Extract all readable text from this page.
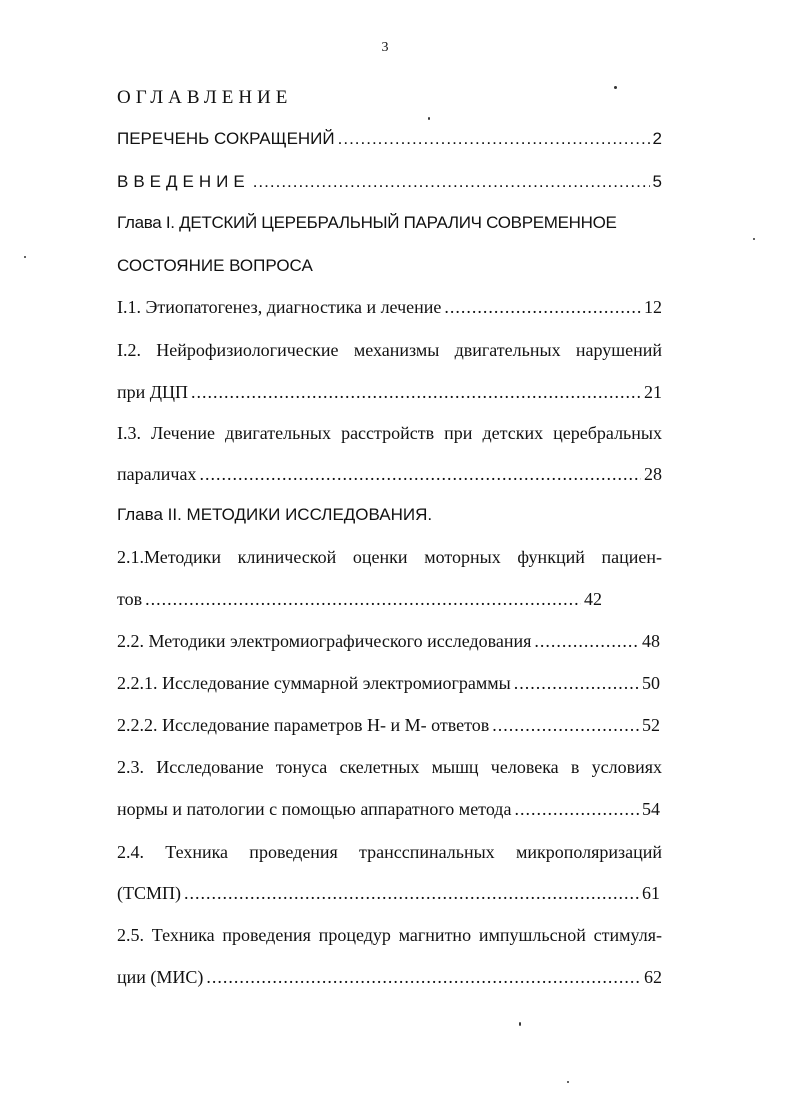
3
ОГЛАВЛЕНИЕ
ПЕРЕЧЕНЬ СОКРАЩЕНИЙ .....	2
ВВЕДЕНИЕ .....	5
Глава I. ДЕТСКИЙ ЦЕРЕБРАЛЬНЫЙ ПАРАЛИЧ СОВРЕМЕННОЕ
СОСТОЯНИЕ ВОПРОСА
I.1. Этиопатогенез, диагностика и лечение .....	12
I.2. Нейрофизиологические механизмы двигательных нарушений
при ДЦП .....	21
I.3. Лечение двигательных расстройств при детских церебральных
параличах .....	28
Глава II. МЕТОДИКИ ИССЛЕДОВАНИЯ.
2.1.Методики клинической оценки моторных функций пациен-
тов .....	42
2.2. Методики электромиографического исследования .....	48
2.2.1. Исследование суммарной электромиограммы .....	50
2.2.2. Исследование параметров Н- и М- ответов .....	52
2.3. Исследование тонуса скелетных мышц человека в условиях
нормы и патологии с помощью аппаратного метода .....	54
2.4. Техника проведения трансспинальных микрополяризаций
(ТСМП) .....	61
2.5. Техника проведения процедур магнитно импушльсной стимуля-
ции (МИС) .....	62
